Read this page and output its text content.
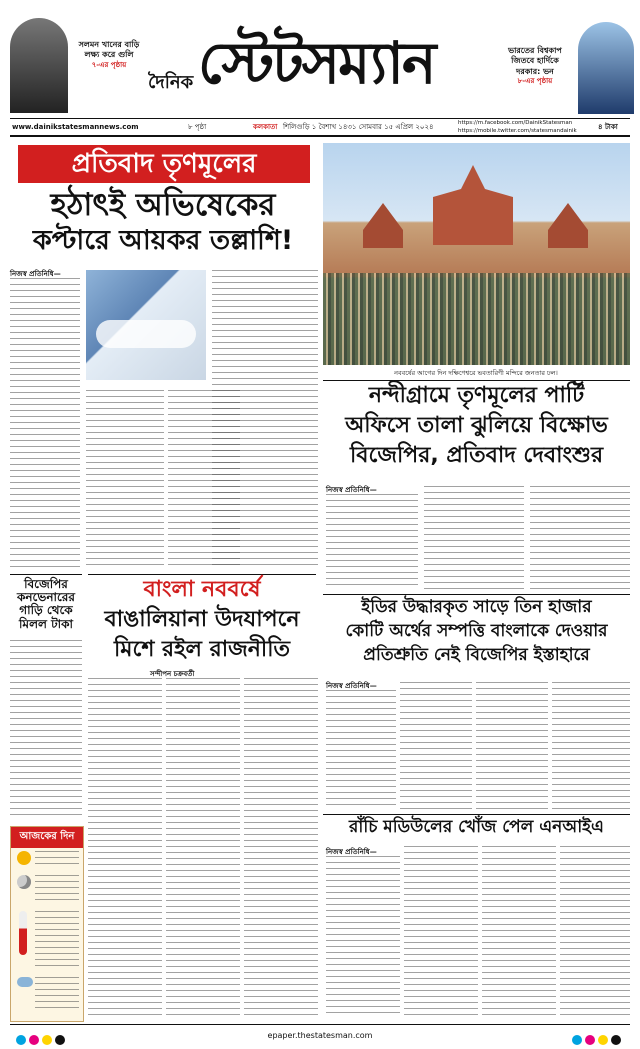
সলমন খানের বাড়ি লক্ষ্য করে গুলি
৭-এর পৃষ্ঠায়
দৈনিক স্টেটসম্যান	ভারতের বিশ্বকাপ জিতবে হার্দিকে দরকার: ভন
৮-এর পৃষ্ঠায়
www.dainikstatesmannews.com	৮ পৃষ্ঠা	কলকাতা শিলিগুড়ি ১ বৈশাখ ১৪৩১ সোমবার ১৫ এপ্রিল ২০২৪	https://m.facebook.com/DainikStatesman
https://mobile.twitter.com/statesmandainik	৪ টাকা
প্রতিবাদ তৃণমূলের
হঠাৎই অভিষেকের
কপ্টারে আয়কর তল্লাশি!
নিজস্ব প্রতিনিধি—
নববর্ষের আগের দিন দক্ষিণেশ্বরে ভবতারিণী মন্দিরে জনতার ঢল।
নন্দীগ্রামে তৃণমূলের পার্টি
অফিসে তালা ঝুলিয়ে বিক্ষোভ
বিজেপির, প্রতিবাদ দেবাংশুর
নিজস্ব প্রতিনিধি—
বিজেপির
কনভেনারের
গাড়ি থেকে
মিলল টাকা
বাংলা নববর্ষে
বাঙালিয়ানা উদযাপনে
মিশে রইল রাজনীতি
সন্দীপন চক্রবর্তী
ইডির উদ্ধারকৃত সাড়ে তিন হাজার
কোটি অর্থের সম্পত্তি বাংলাকে দেওয়ার
প্রতিশ্রুতি নেই বিজেপির ইস্তাহারে
নিজস্ব প্রতিনিধি—
রাঁচি মডিউলের খোঁজ পেল এনআইএ
নিজস্ব প্রতিনিধি—
আজকের দিন
epaper.thestatesman.com
